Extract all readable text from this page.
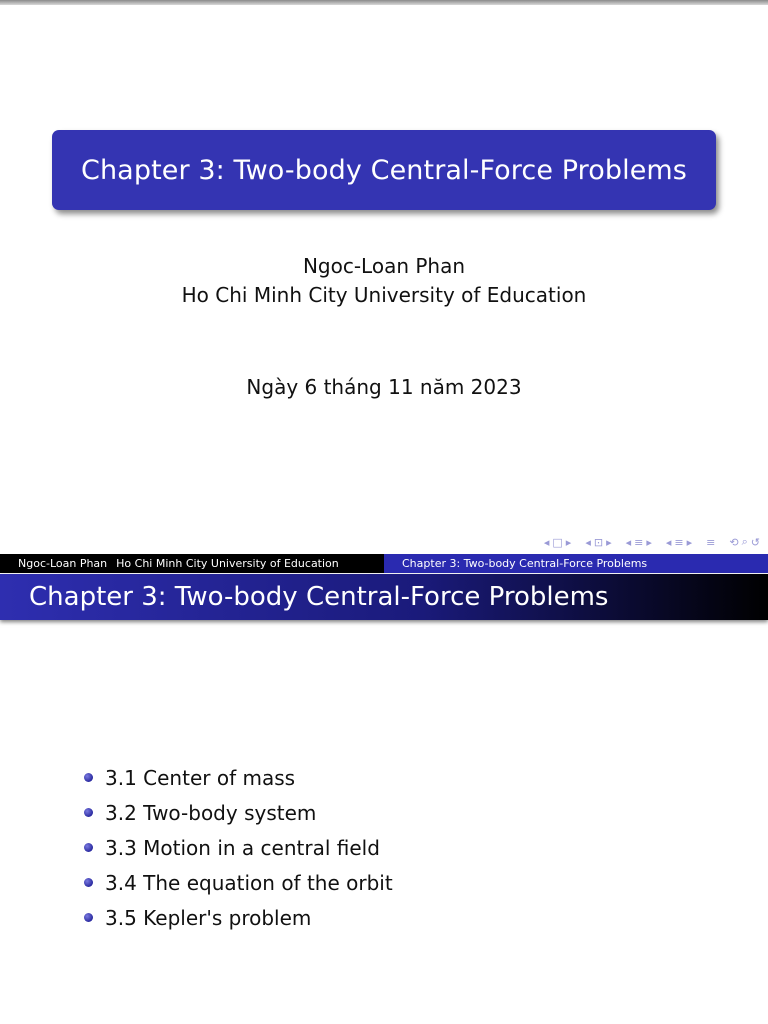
Chapter 3: Two-body Central-Force Problems
Ngoc-Loan Phan
Ho Chi Minh City University of Education
Ngày 6 tháng 11 năm 2023
◂ □ ▸ ◂ ⊡ ▸ ◂ ≡ ▸ ◂ ≡ ▸ ≡ ⟲ ⌕ ↺
Ngoc-Loan Phan Ho Chi Minh City University of Education	Chapter 3: Two-body Central-Force Problems
Chapter 3: Two-body Central-Force Problems
3.1 Center of mass
3.2 Two-body system
3.3 Motion in a central field
3.4 The equation of the orbit
3.5 Kepler's problem
